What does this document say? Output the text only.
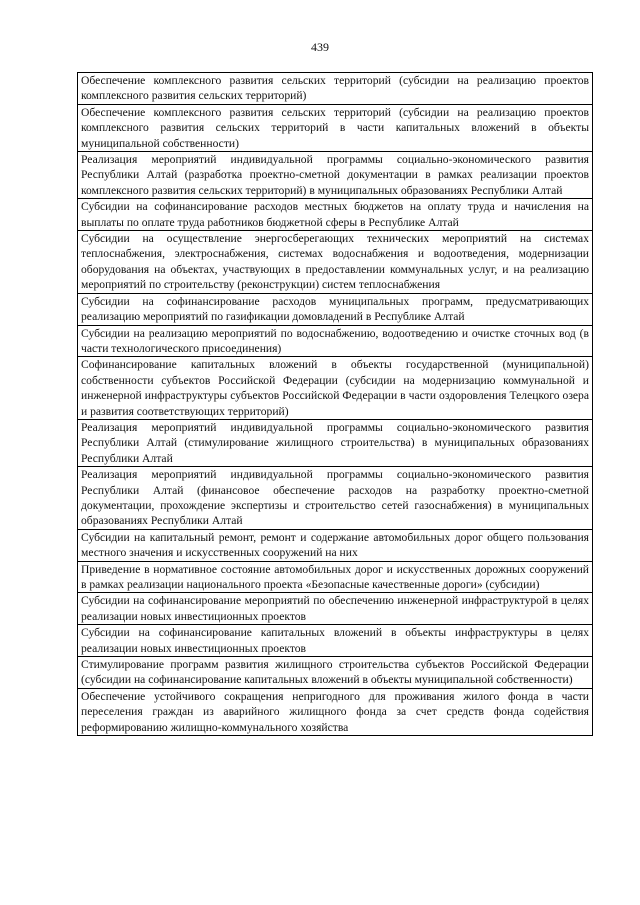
439
Обеспечение комплексного развития сельских территорий (субсидии на реализацию проектов комплексного развития сельских территорий)
Обеспечение комплексного развития сельских территорий (субсидии на реализацию проектов комплексного развития сельских территорий в части капитальных вложений в объекты муниципальной собственности)
Реализация мероприятий индивидуальной программы социально-экономического развития Республики Алтай (разработка проектно-сметной документации в рамках реализации проектов комплексного развития сельских территорий) в муниципальных образованиях Республики Алтай
Субсидии на софинансирование расходов местных бюджетов на оплату труда и начисления на выплаты по оплате труда работников бюджетной сферы в Республике Алтай
Субсидии на осуществление энергосберегающих технических мероприятий на системах теплоснабжения, электроснабжения, системах водоснабжения и водоотведения, модернизации оборудования на объектах, участвующих в предоставлении коммунальных услуг, и на реализацию мероприятий по строительству (реконструкции) систем теплоснабжения
Субсидии на софинансирование расходов муниципальных программ, предусматривающих реализацию мероприятий по газификации домовладений в Республике Алтай
Субсидии на реализацию мероприятий по водоснабжению, водоотведению и очистке сточных вод (в части технологического присоединения)
Софинансирование капитальных вложений в объекты государственной (муниципальной) собственности субъектов Российской Федерации (субсидии на модернизацию коммунальной и инженерной инфраструктуры субъектов Российской Федерации в части оздоровления Телецкого озера и развития соответствующих территорий)
Реализация мероприятий индивидуальной программы социально-экономического развития Республики Алтай (стимулирование жилищного строительства) в муниципальных образованиях Республики Алтай
Реализация мероприятий индивидуальной программы социально-экономического развития Республики Алтай (финансовое обеспечение расходов на разработку проектно-сметной документации, прохождение экспертизы и строительство сетей газоснабжения) в муниципальных образованиях Республики Алтай
Субсидии на капитальный ремонт, ремонт и содержание автомобильных дорог общего пользования местного значения и искусственных сооружений на них
Приведение в нормативное состояние автомобильных дорог и искусственных дорожных сооружений в рамках реализации национального проекта «Безопасные качественные дороги» (субсидии)
Субсидии на софинансирование мероприятий по обеспечению инженерной инфраструктурой в целях реализации новых инвестиционных проектов
Субсидии на софинансирование капитальных вложений в объекты инфраструктуры в целях реализации новых инвестиционных проектов
Стимулирование программ развития жилищного строительства субъектов Российской Федерации (субсидии на софинансирование капитальных вложений в объекты муниципальной собственности)
Обеспечение устойчивого сокращения непригодного для проживания жилого фонда в части переселения граждан из аварийного жилищного фонда за счет средств фонда содействия реформированию жилищно-коммунального хозяйства
